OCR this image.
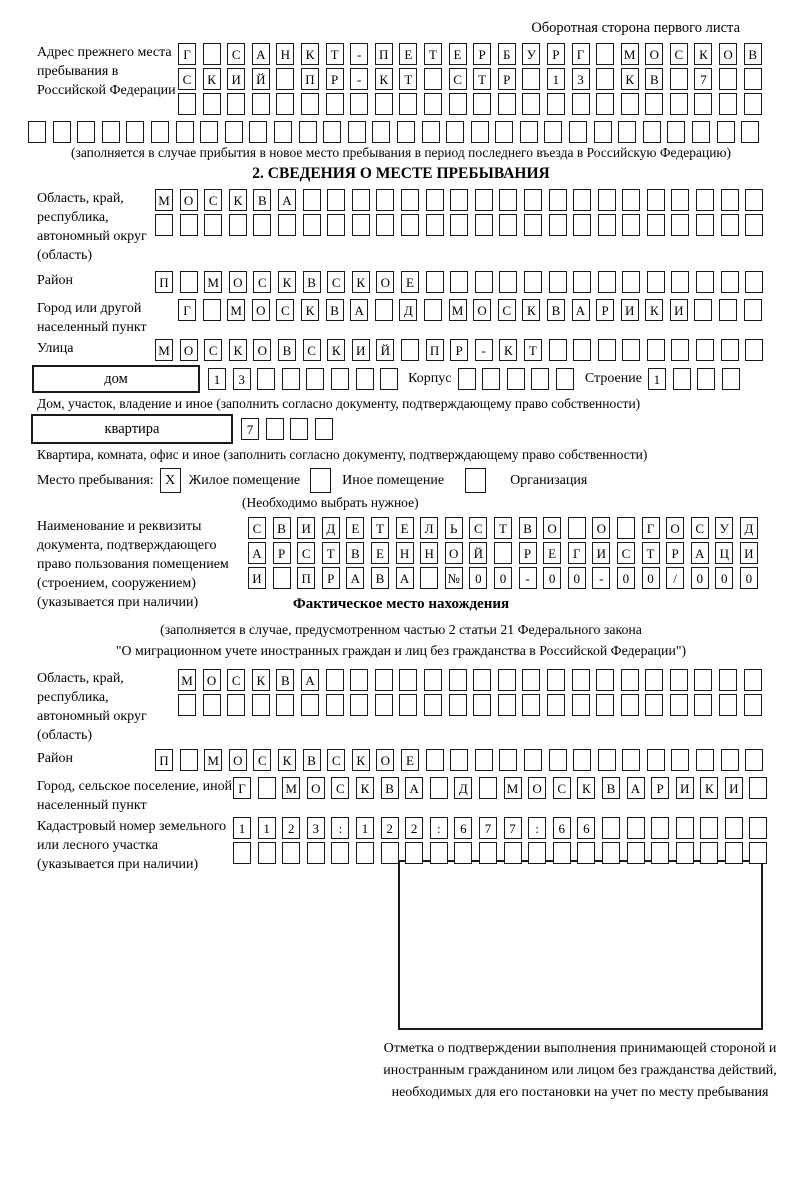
Оборотная сторона первого листа
Адрес прежнего места пребывания в Российской Федерации
Г	С	А	Н	К	Т	-	П	Е	Т	Е	Р	Б	У	Р	Г	М	О	С	К	О	В
С	К	И	Й	П	Р	-	К	Т	С	Т	Р	1	3	К	В	7
(заполняется в случае прибытия в новое место пребывания в период последнего въезда в Российскую Федерацию)
2. СВЕДЕНИЯ О МЕСТЕ ПРЕБЫВАНИЯ
Область, край, республика, автономный округ (область)
М	О	С	К	В	А
Район	П	М	О	С	К	В	С	К	О	Е
Город или другой населенный пункт
Г	М	О	С	К	В	А	Д	М	О	С	К	В	А	Р	И	К	И
Улица	М	О	С	К	О	В	С	К	И	Й	П	Р	-	К	Т
дом	1	3	Корпус	Строение 1
Дом, участок, владение и иное (заполнить согласно документу, подтверждающему право собственности)
квартира	7
Квартира, комната, офис и иное (заполнить согласно документу, подтверждающему право собственности)
Место пребывания: X Жилое помещение	Иное помещение	Организация
(Необходимо выбрать нужное)
Наименование и реквизиты документа, подтверждающего право пользования помещением (строением, сооружением) (указывается при наличии)
С	В	И	Д	Е	Т	Е	Л	Ь	С	Т	В	О	О	Г	О	С	У	Д
А	Р	С	Т	В	Е	Н	Н	О	Й	Р	Е	Г	И	С	Т	Р	А	Ц	И
И	П	Р	А	В	А	№	0	0	-	0	0	-	0	0	/	0	0	0
Фактическое место нахождения
(заполняется в случае, предусмотренном частью 2 статьи 21 Федерального закона
"О миграционном учете иностранных граждан и лиц без гражданства в Российской Федерации")
Область, край, республика, автономный округ (область)
М	О	С	К	В	А
Район	П	М	О	С	К	В	С	К	О	Е
Город, сельское поселение, иной населенный пункт
Г	М	О	С	К	В	А	Д	М	О	С	К	В	А	Р	И	К	И
Кадастровый номер земельного или лесного участка (указывается при наличии)
1	1	2	3	:	1	2	2	:	6	7	7	:	6	6
Отметка о подтверждении выполнения принимающей стороной и иностранным гражданином или лицом без гражданства действий, необходимых для его постановки на учет по месту пребывания
